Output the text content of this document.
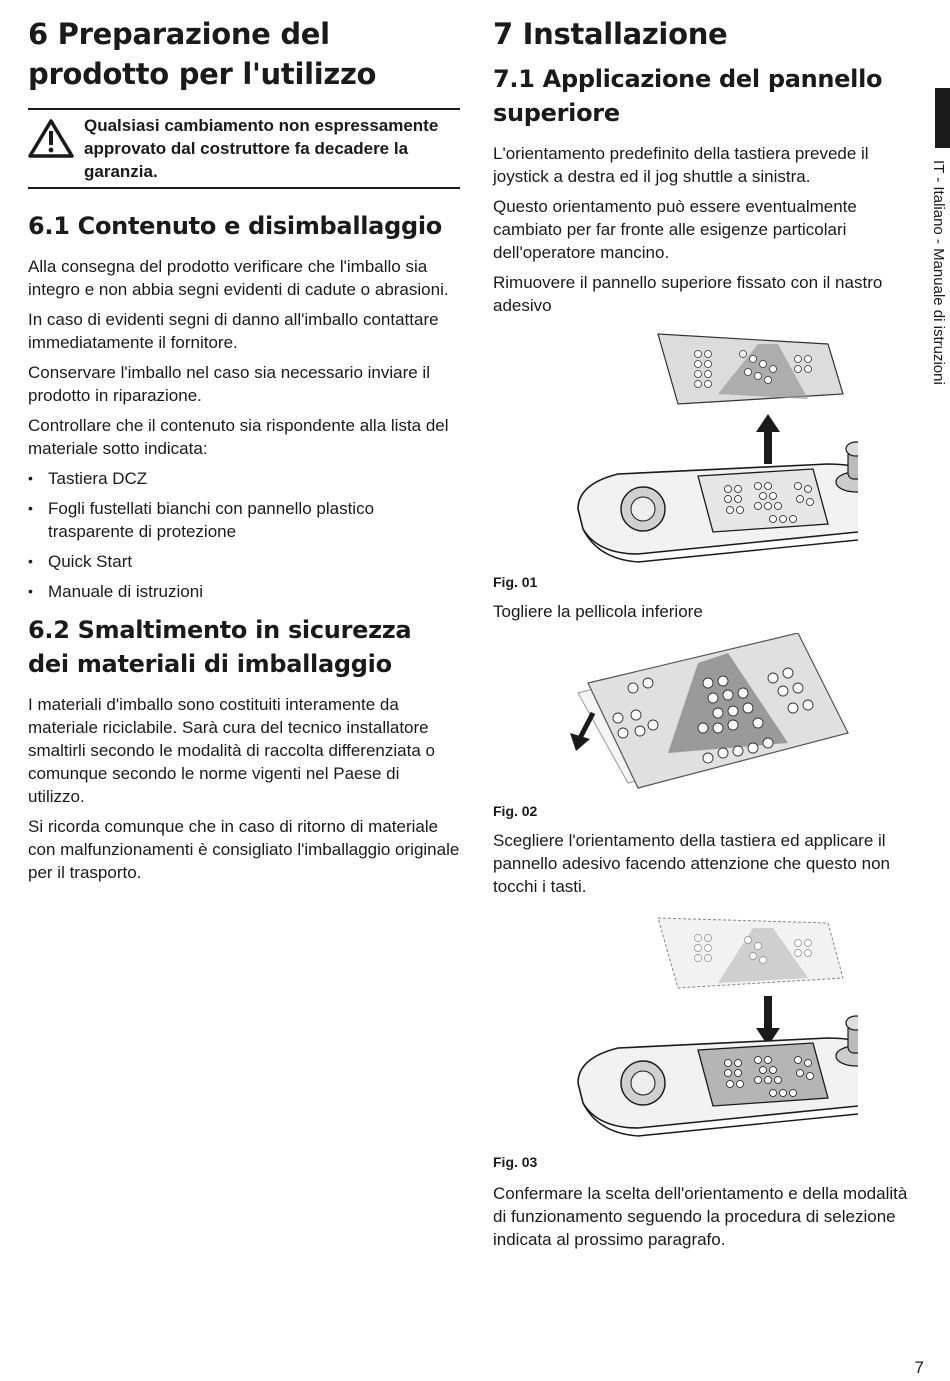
6 Preparazione del prodotto per l'utilizzo
Qualsiasi cambiamento non espressamente approvato dal costruttore fa decadere la garanzia.
6.1 Contenuto e disimballaggio

Alla consegna del prodotto verificare che l'imballo sia integro e non abbia segni evidenti di cadute o abrasioni.

In caso di evidenti segni di danno all'imballo contattare immediatamente il fornitore.

Conservare l'imballo nel caso sia necessario inviare il prodotto in riparazione.

Controllare che il contenuto sia rispondente alla lista del materiale sotto indicata:

• Tastiera DCZ
• Fogli fustellati bianchi con pannello plastico trasparente di protezione
• Quick Start
• Manuale di istruzioni
6.2 Smaltimento in sicurezza dei materiali di imballaggio

I materiali d'imballo sono costituiti interamente da materiale riciclabile. Sarà cura del tecnico installatore smaltirli secondo le modalità di raccolta differenziata o comunque secondo le norme vigenti nel Paese di utilizzo.

Si ricorda comunque che in caso di ritorno di materiale con malfunzionamenti è consigliato l'imballaggio originale per il trasporto.

7 Installazione
7.1 Applicazione del pannello superiore

L'orientamento predefinito della tastiera prevede il joystick a destra ed il jog shuttle a sinistra.

Questo orientamento può essere eventualmente cambiato per far fronte alle esigenze particolari dell'operatore mancino.

Rimuovere il pannello superiore fissato con il nastro adesivo

Fig. 01

Togliere la pellicola inferiore

Fig. 02

Scegliere l'orientamento della tastiera ed applicare il pannello adesivo facendo attenzione che questo non tocchi i tasti.

Fig. 03

Confermare la scelta dell'orientamento e della modalità di funzionamento seguendo la procedura di selezione indicata al prossimo paragrafo.

IT - Italiano - Manuale di istruzioni
7
